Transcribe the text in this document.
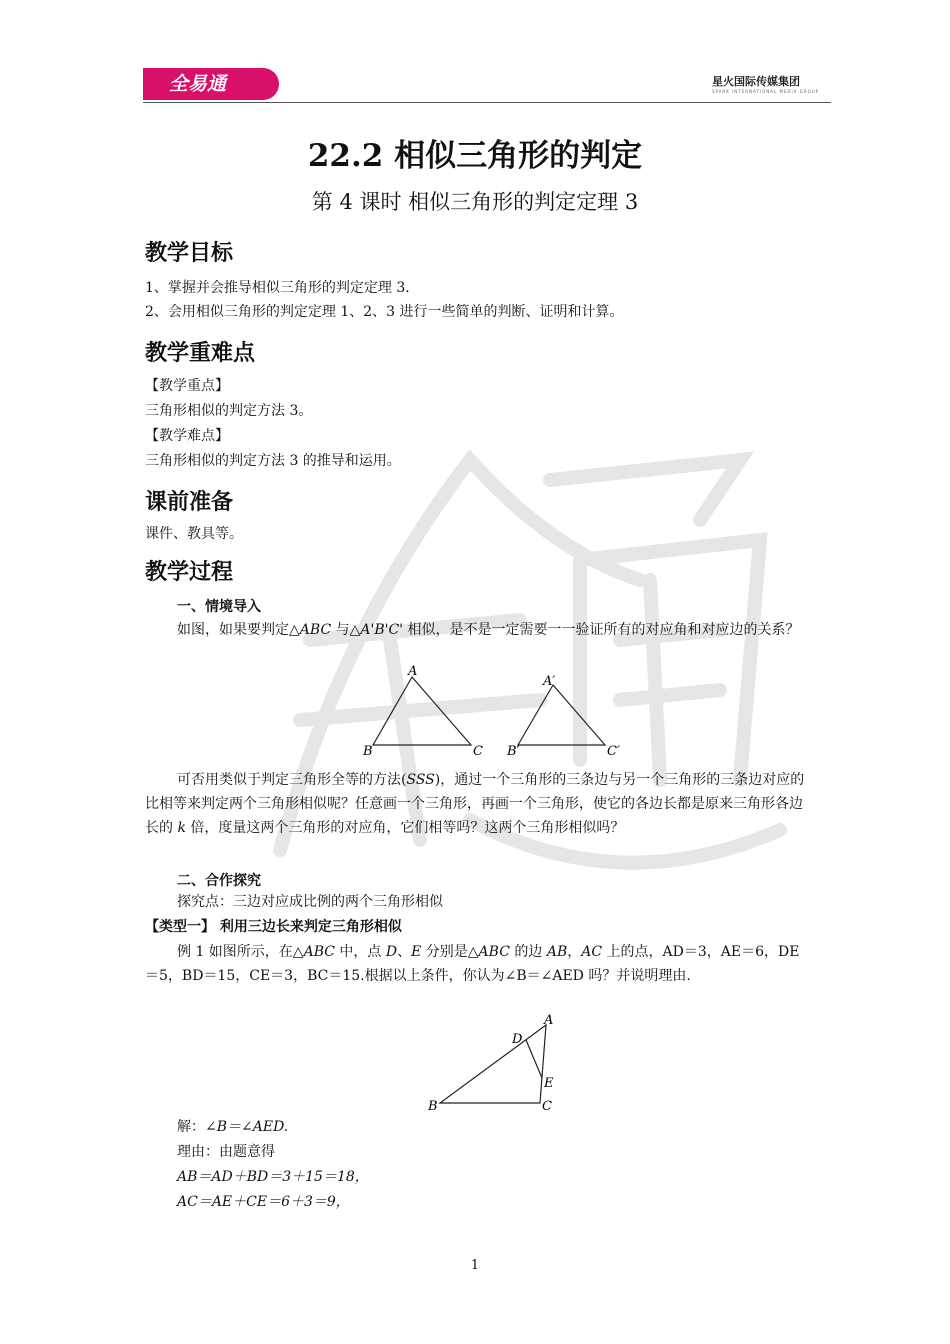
全易通	星火国际传媒集团
SPARK INTERNATIONAL MEDIA GROUP
22.2 相似三角形的判定
第 4 课时 相似三角形的判定定理 3
教学目标
1、掌握并会推导相似三角形的判定定理 3.
2、会用相似三角形的判定定理 1、2、3 进行一些简单的判断、证明和计算。
教学重难点
【教学重点】
三角形相似的判定方法 3。
【教学难点】
三角形相似的判定方法 3 的推导和运用。
课前准备
课件、教具等。
教学过程
一、情境导入
如图，如果要判定△ABC 与△A'B'C' 相似，是不是一定需要一一验证所有的对应角和对应边的关系？
A
B	C
A′
B′	C′
可否用类似于判定三角形全等的方法(SSS)，通过一个三角形的三条边与另一个三角形的三条边对应的比相等来判定两个三角形相似呢？任意画一个三角形，再画一个三角形，使它的各边长都是原来三角形各边长的 k 倍，度量这两个三角形的对应角，它们相等吗？这两个三角形相似吗？
二、合作探究
探究点：三边对应成比例的两个三角形相似
【类型一】 利用三边长来判定三角形相似
例 1 如图所示，在△ABC 中，点 D、E 分别是△ABC 的边 AB，AC 上的点，AD＝3，AE＝6，DE＝5，BD＝15，CE＝3，BC＝15.根据以上条件，你认为∠B＝∠AED 吗？并说明理由.
A
D
E
B	C
解：∠B＝∠AED.
理由：由题意得
AB＝AD＋BD＝3＋15＝18，
AC＝AE＋CE＝6＋3＝9，
1
